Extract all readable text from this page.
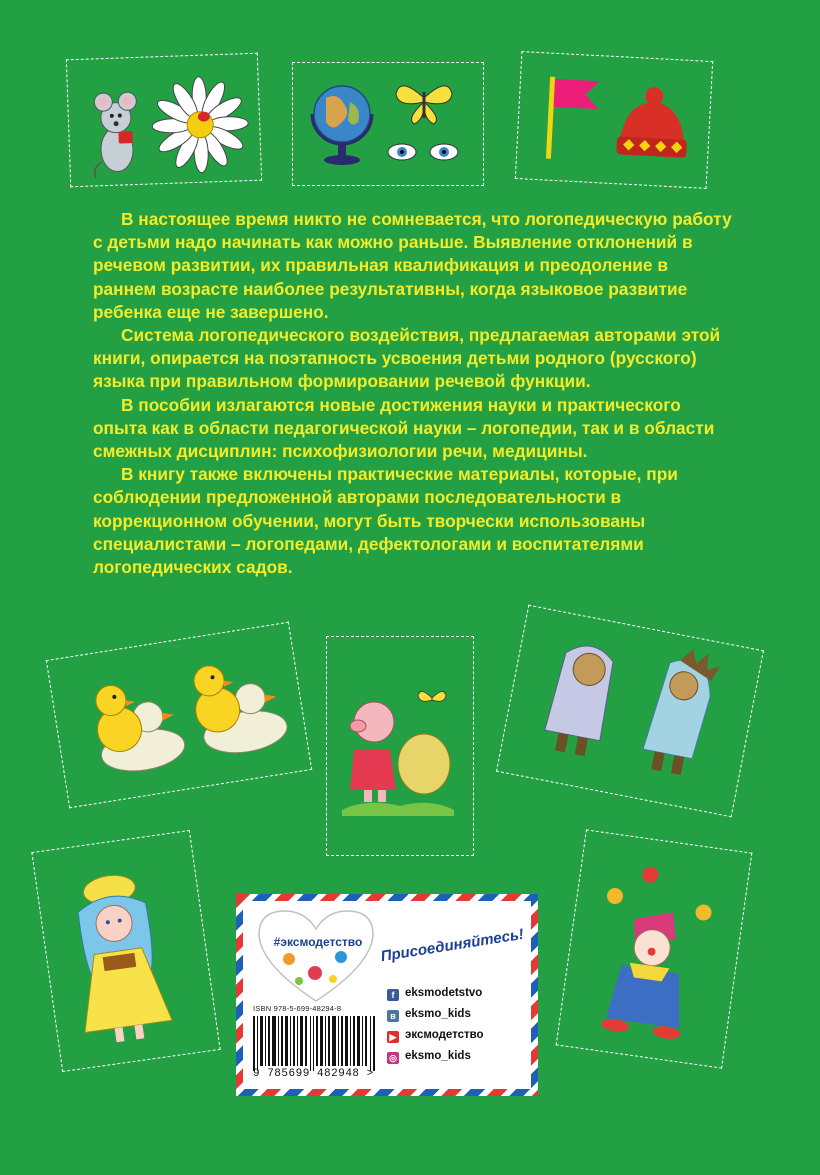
В настоящее время никто не сомневается, что логопедическую работу с детьми надо начинать как можно раньше. Выявление отклонений в речевом развитии, их правильная квалификация и преодоление в раннем возрасте наиболее результативны, когда языковое развитие ребенка еще не завершено.

Система логопедического воздействия, предлагаемая авторами этой книги, опирается на поэтапность усвоения детьми родного (русского) языка при правильном формировании речевой функции.

В пособии излагаются новые достижения науки и практического опыта как в области педагогической науки – логопедии, так и в области смежных дисциплин: психофизиологии речи, медицины.

В книгу также включены практические материалы, которые, при соблюдении предложенной авторами последовательности в коррекционном обучении, могут быть творчески использованы специалистами – логопедами, дефектологами и воспитателями логопедических садов.

#эксмодетство Присоединяйтесь!
f eksmodetstvo
в eksmo_kids
▶ эксмодетство
◎ eksmo_kids
ISBN 978-5-699-48294-8
9 785699 482948 >
